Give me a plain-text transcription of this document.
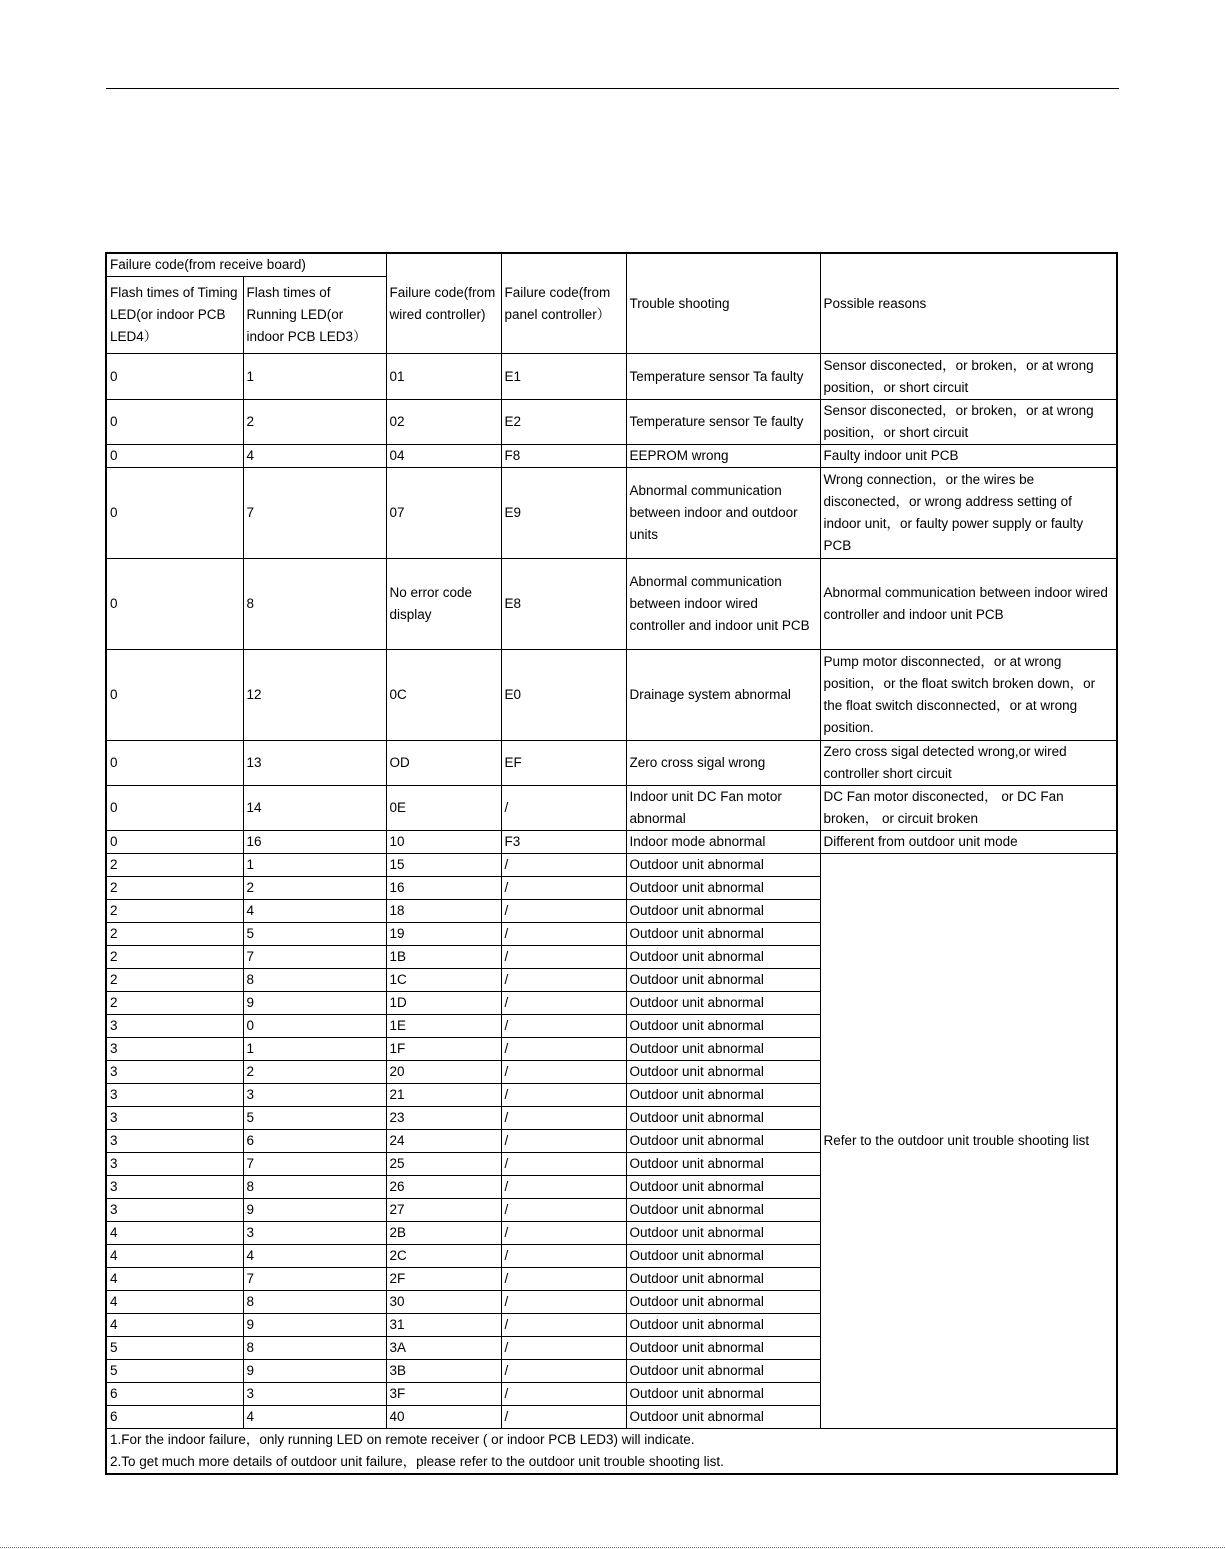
Failure code(from receive board)		Failure code(from wired controller)	Failure code(from panel controller）	Trouble shooting	Possible reasons
Flash times of Timing LED(or indoor PCB LED4）	Flash times of Running LED(or indoor PCB LED3）				
0	1	01	E1	Temperature sensor Ta faulty	Sensor disconected，or broken，or at wrong position，or short circuit
0	2	02	E2	Temperature sensor Te faulty	Sensor disconected，or broken，or at wrong position，or short circuit
0	4	04	F8	EEPROM wrong	Faulty indoor unit PCB
0	7	07	E9	Abnormal communication between indoor and outdoor units	Wrong connection，or the wires be disconected，or wrong address setting of indoor unit，or faulty power supply or faulty PCB
0	8	No error code display	E8	Abnormal communication between indoor wired controller and indoor unit PCB	Abnormal communication between indoor wired controller and indoor unit PCB
0	12	0C	E0	Drainage system abnormal	Pump motor disconnected，or at wrong position，or the float switch broken down，or the float switch disconnected，or at wrong position.
0	13	OD	EF	Zero cross sigal wrong	Zero cross sigal detected wrong,or wired controller short circuit
0	14	0E	/	Indoor unit DC Fan motor abnormal	DC Fan motor disconected， or DC Fan broken， or circuit broken
0	16	10	F3	Indoor mode abnormal	Different from outdoor unit mode
2	1	15	/	Outdoor unit abnormal	Refer to the outdoor unit trouble shooting list
2	2	16	/	Outdoor unit abnormal	
2	4	18	/	Outdoor unit abnormal	
2	5	19	/	Outdoor unit abnormal	
2	7	1B	/	Outdoor unit abnormal	
2	8	1C	/	Outdoor unit abnormal	
2	9	1D	/	Outdoor unit abnormal	
3	0	1E	/	Outdoor unit abnormal	
3	1	1F	/	Outdoor unit abnormal	
3	2	20	/	Outdoor unit abnormal	
3	3	21	/	Outdoor unit abnormal	
3	5	23	/	Outdoor unit abnormal	
3	6	24	/	Outdoor unit abnormal	
3	7	25	/	Outdoor unit abnormal	
3	8	26	/	Outdoor unit abnormal	
3	9	27	/	Outdoor unit abnormal	
4	3	2B	/	Outdoor unit abnormal	
4	4	2C	/	Outdoor unit abnormal	
4	7	2F	/	Outdoor unit abnormal	
4	8	30	/	Outdoor unit abnormal	
4	9	31	/	Outdoor unit abnormal	
5	8	3A	/	Outdoor unit abnormal	
5	9	3B	/	Outdoor unit abnormal	
6	3	3F	/	Outdoor unit abnormal	
6	4	40	/	Outdoor unit abnormal	

1.For the indoor failure，only running LED on remote receiver ( or indoor PCB LED3) will indicate.
2.To get much more details of outdoor unit failure，please refer to the outdoor unit trouble shooting list.					
